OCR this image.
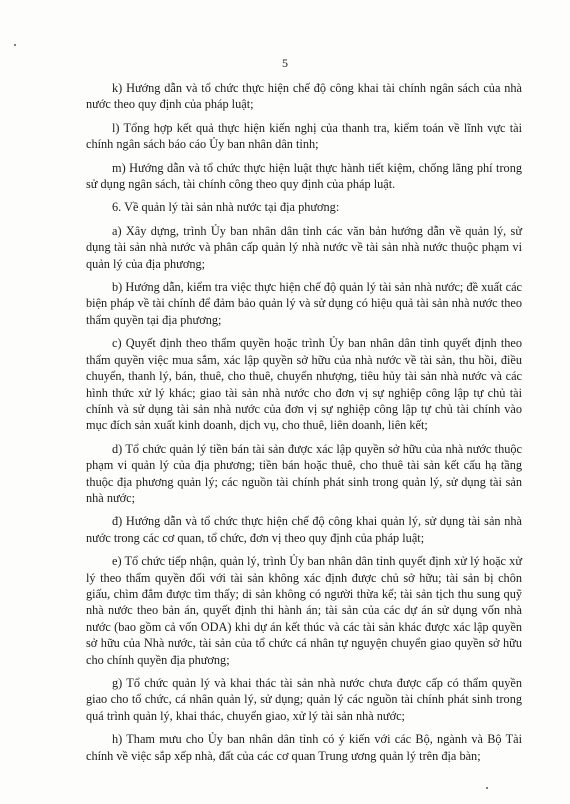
5

k) Hướng dẫn và tổ chức thực hiện chế độ công khai tài chính ngân sách của nhà nước theo quy định của pháp luật;

l) Tổng hợp kết quả thực hiện kiến nghị của thanh tra, kiểm toán về lĩnh vực tài chính ngân sách báo cáo Ủy ban nhân dân tỉnh;

m) Hướng dẫn và tổ chức thực hiện luật thực hành tiết kiệm, chống lãng phí trong sử dụng ngân sách, tài chính công theo quy định của pháp luật.

6. Về quản lý tài sản nhà nước tại địa phương:

a) Xây dựng, trình Ủy ban nhân dân tỉnh các văn bản hướng dẫn về quản lý, sử dụng tài sản nhà nước và phân cấp quản lý nhà nước về tài sản nhà nước thuộc phạm vi quản lý của địa phương;

b) Hướng dẫn, kiểm tra việc thực hiện chế độ quản lý tài sản nhà nước; đề xuất các biện pháp về tài chính để đảm bảo quản lý và sử dụng có hiệu quả tài sản nhà nước theo thẩm quyền tại địa phương;

c) Quyết định theo thẩm quyền hoặc trình Ủy ban nhân dân tỉnh quyết định theo thẩm quyền việc mua sắm, xác lập quyền sở hữu của nhà nước về tài sản, thu hồi, điều chuyển, thanh lý, bán, thuê, cho thuê, chuyển nhượng, tiêu hủy tài sản nhà nước và các hình thức xử lý khác; giao tài sản nhà nước cho đơn vị sự nghiệp công lập tự chủ tài chính và sử dụng tài sản nhà nước của đơn vị sự nghiệp công lập tự chủ tài chính vào mục đích sản xuất kinh doanh, dịch vụ, cho thuê, liên doanh, liên kết;

d) Tổ chức quản lý tiền bán tài sản được xác lập quyền sở hữu của nhà nước thuộc phạm vi quản lý của địa phương; tiền bán hoặc thuê, cho thuê tài sản kết cấu hạ tầng thuộc địa phương quản lý; các nguồn tài chính phát sinh trong quản lý, sử dụng tài sản nhà nước;

đ) Hướng dẫn và tổ chức thực hiện chế độ công khai quản lý, sử dụng tài sản nhà nước trong các cơ quan, tổ chức, đơn vị theo quy định của pháp luật;

e) Tổ chức tiếp nhận, quản lý, trình Ủy ban nhân dân tỉnh quyết định xử lý hoặc xử lý theo thẩm quyền đối với tài sản không xác định được chủ sở hữu; tài sản bị chôn giấu, chìm đắm được tìm thấy; di sản không có người thừa kế; tài sản tịch thu sung quỹ nhà nước theo bản án, quyết định thi hành án; tài sản của các dự án sử dụng vốn nhà nước (bao gồm cả vốn ODA) khi dự án kết thúc và các tài sản khác được xác lập quyền sở hữu của Nhà nước, tài sản của tổ chức cá nhân tự nguyện chuyển giao quyền sở hữu cho chính quyền địa phương;

g) Tổ chức quản lý và khai thác tài sản nhà nước chưa được cấp có thẩm quyền giao cho tổ chức, cá nhân quản lý, sử dụng; quản lý các nguồn tài chính phát sinh trong quá trình quản lý, khai thác, chuyển giao, xử lý tài sản nhà nước;

h) Tham mưu cho Ủy ban nhân dân tỉnh có ý kiến với các Bộ, ngành và Bộ Tài chính về việc sắp xếp nhà, đất của các cơ quan Trung ương quản lý trên địa bàn;
